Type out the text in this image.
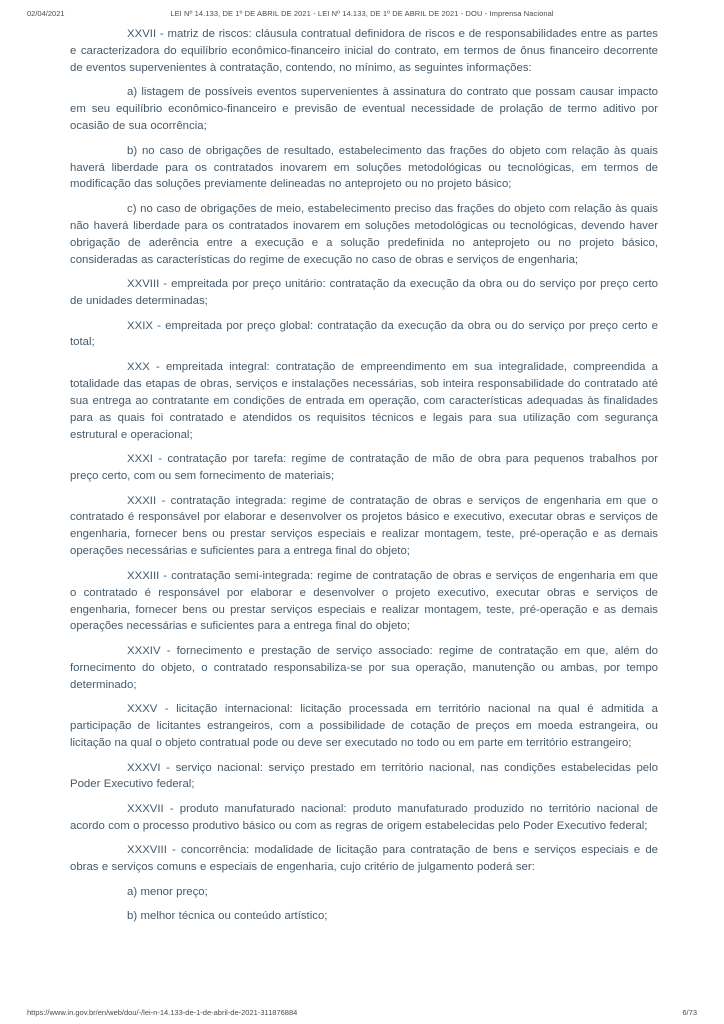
02/04/2021	LEI Nº 14.133, DE 1º DE ABRIL DE 2021 - LEI Nº 14.133, DE 1º DE ABRIL DE 2021 - DOU - Imprensa Nacional

XXVII - matriz de riscos: cláusula contratual definidora de riscos e de responsabilidades entre as partes e caracterizadora do equilíbrio econômico-financeiro inicial do contrato, em termos de ônus financeiro decorrente de eventos supervenientes à contratação, contendo, no mínimo, as seguintes informações:

a) listagem de possíveis eventos supervenientes à assinatura do contrato que possam causar impacto em seu equilíbrio econômico-financeiro e previsão de eventual necessidade de prolação de termo aditivo por ocasião de sua ocorrência;

b) no caso de obrigações de resultado, estabelecimento das frações do objeto com relação às quais haverá liberdade para os contratados inovarem em soluções metodológicas ou tecnológicas, em termos de modificação das soluções previamente delineadas no anteprojeto ou no projeto básico;

c) no caso de obrigações de meio, estabelecimento preciso das frações do objeto com relação às quais não haverá liberdade para os contratados inovarem em soluções metodológicas ou tecnológicas, devendo haver obrigação de aderência entre a execução e a solução predefinida no anteprojeto ou no projeto básico, consideradas as características do regime de execução no caso de obras e serviços de engenharia;

XXVIII - empreitada por preço unitário: contratação da execução da obra ou do serviço por preço certo de unidades determinadas;

XXIX - empreitada por preço global: contratação da execução da obra ou do serviço por preço certo e total;

XXX - empreitada integral: contratação de empreendimento em sua integralidade, compreendida a totalidade das etapas de obras, serviços e instalações necessárias, sob inteira responsabilidade do contratado até sua entrega ao contratante em condições de entrada em operação, com características adequadas às finalidades para as quais foi contratado e atendidos os requisitos técnicos e legais para sua utilização com segurança estrutural e operacional;

XXXI - contratação por tarefa: regime de contratação de mão de obra para pequenos trabalhos por preço certo, com ou sem fornecimento de materiais;

XXXII - contratação integrada: regime de contratação de obras e serviços de engenharia em que o contratado é responsável por elaborar e desenvolver os projetos básico e executivo, executar obras e serviços de engenharia, fornecer bens ou prestar serviços especiais e realizar montagem, teste, pré-operação e as demais operações necessárias e suficientes para a entrega final do objeto;

XXXIII - contratação semi-integrada: regime de contratação de obras e serviços de engenharia em que o contratado é responsável por elaborar e desenvolver o projeto executivo, executar obras e serviços de engenharia, fornecer bens ou prestar serviços especiais e realizar montagem, teste, pré-operação e as demais operações necessárias e suficientes para a entrega final do objeto;

XXXIV - fornecimento e prestação de serviço associado: regime de contratação em que, além do fornecimento do objeto, o contratado responsabiliza-se por sua operação, manutenção ou ambas, por tempo determinado;

XXXV - licitação internacional: licitação processada em território nacional na qual é admitida a participação de licitantes estrangeiros, com a possibilidade de cotação de preços em moeda estrangeira, ou licitação na qual o objeto contratual pode ou deve ser executado no todo ou em parte em território estrangeiro;

XXXVI - serviço nacional: serviço prestado em território nacional, nas condições estabelecidas pelo Poder Executivo federal;

XXXVII - produto manufaturado nacional: produto manufaturado produzido no território nacional de acordo com o processo produtivo básico ou com as regras de origem estabelecidas pelo Poder Executivo federal;

XXXVIII - concorrência: modalidade de licitação para contratação de bens e serviços especiais e de obras e serviços comuns e especiais de engenharia, cujo critério de julgamento poderá ser:

a) menor preço;

b) melhor técnica ou conteúdo artístico;

https://www.in.gov.br/en/web/dou/-/lei-n-14.133-de-1-de-abril-de-2021-311876884	6/73
